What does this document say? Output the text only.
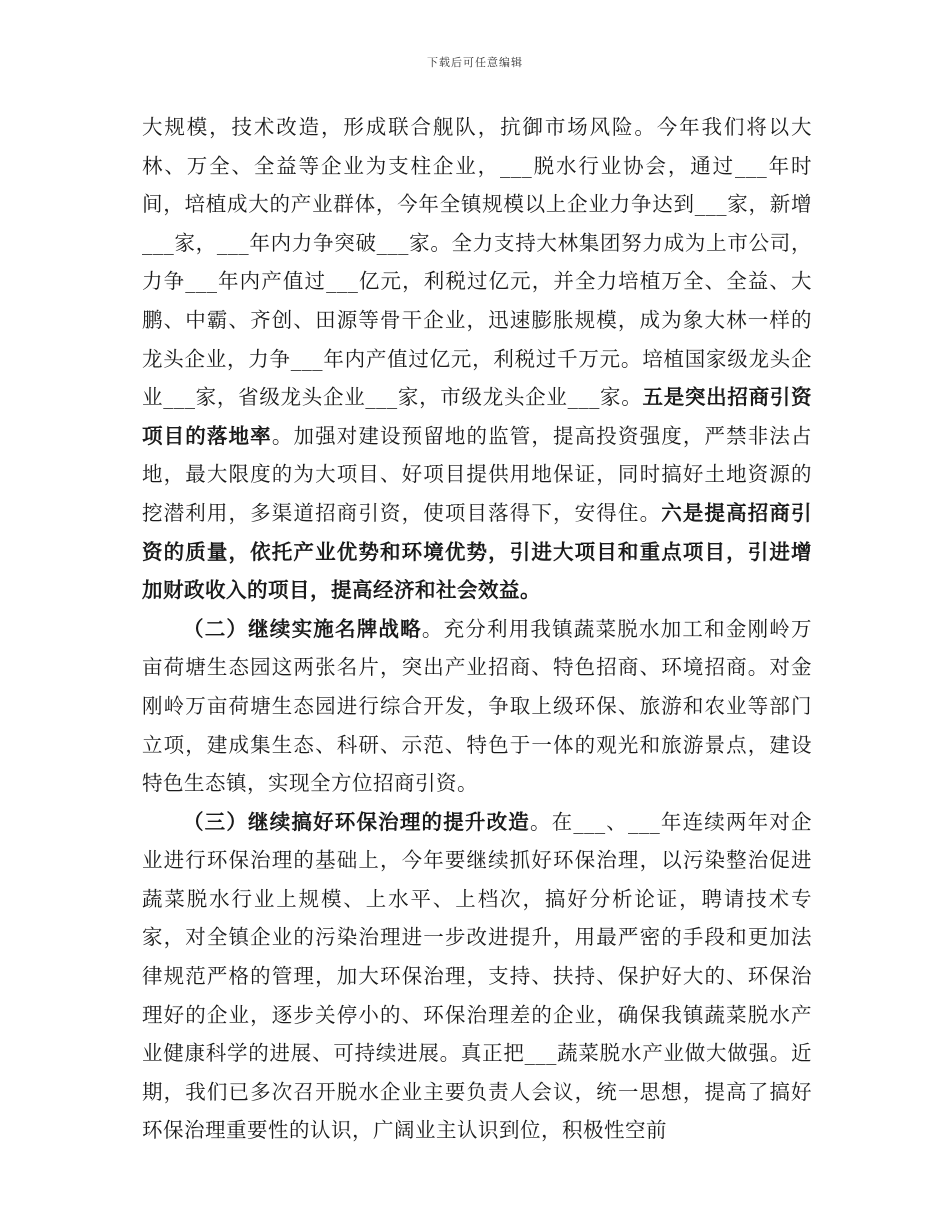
下载后可任意编辑

大规模，技术改造，形成联合舰队，抗御市场风险。今年我们将以大林、万全、全益等企业为支柱企业，___脱水行业协会，通过___年时间，培植成大的产业群体，今年全镇规模以上企业力争达到___家，新增___家，___年内力争突破___家。全力支持大林集团努力成为上市公司，力争___年内产值过___亿元，利税过亿元，并全力培植万全、全益、大鹏、中霸、齐创、田源等骨干企业，迅速膨胀规模，成为象大林一样的龙头企业，力争___年内产值过亿元，利税过千万元。培植国家级龙头企业___家，省级龙头企业___家，市级龙头企业___家。五是突出招商引资项目的落地率。加强对建设预留地的监管，提高投资强度，严禁非法占地，最大限度的为大项目、好项目提供用地保证，同时搞好土地资源的挖潜利用，多渠道招商引资，使项目落得下，安得住。六是提高招商引资的质量，依托产业优势和环境优势，引进大项目和重点项目，引进增加财政收入的项目，提高经济和社会效益。

（二）继续实施名牌战略。充分利用我镇蔬菜脱水加工和金刚岭万亩荷塘生态园这两张名片，突出产业招商、特色招商、环境招商。对金刚岭万亩荷塘生态园进行综合开发，争取上级环保、旅游和农业等部门立项，建成集生态、科研、示范、特色于一体的观光和旅游景点，建设特色生态镇，实现全方位招商引资。

（三）继续搞好环保治理的提升改造。在___、___年连续两年对企业进行环保治理的基础上，今年要继续抓好环保治理，以污染整治促进蔬菜脱水行业上规模、上水平、上档次，搞好分析论证，聘请技术专家，对全镇企业的污染治理进一步改进提升，用最严密的手段和更加法律规范严格的管理，加大环保治理，支持、扶持、保护好大的、环保治理好的企业，逐步关停小的、环保治理差的企业，确保我镇蔬菜脱水产业健康科学的进展、可持续进展。真正把___蔬菜脱水产业做大做强。近期，我们已多次召开脱水企业主要负责人会议，统一思想，提高了搞好环保治理重要性的认识，广阔业主认识到位，积极性空前
